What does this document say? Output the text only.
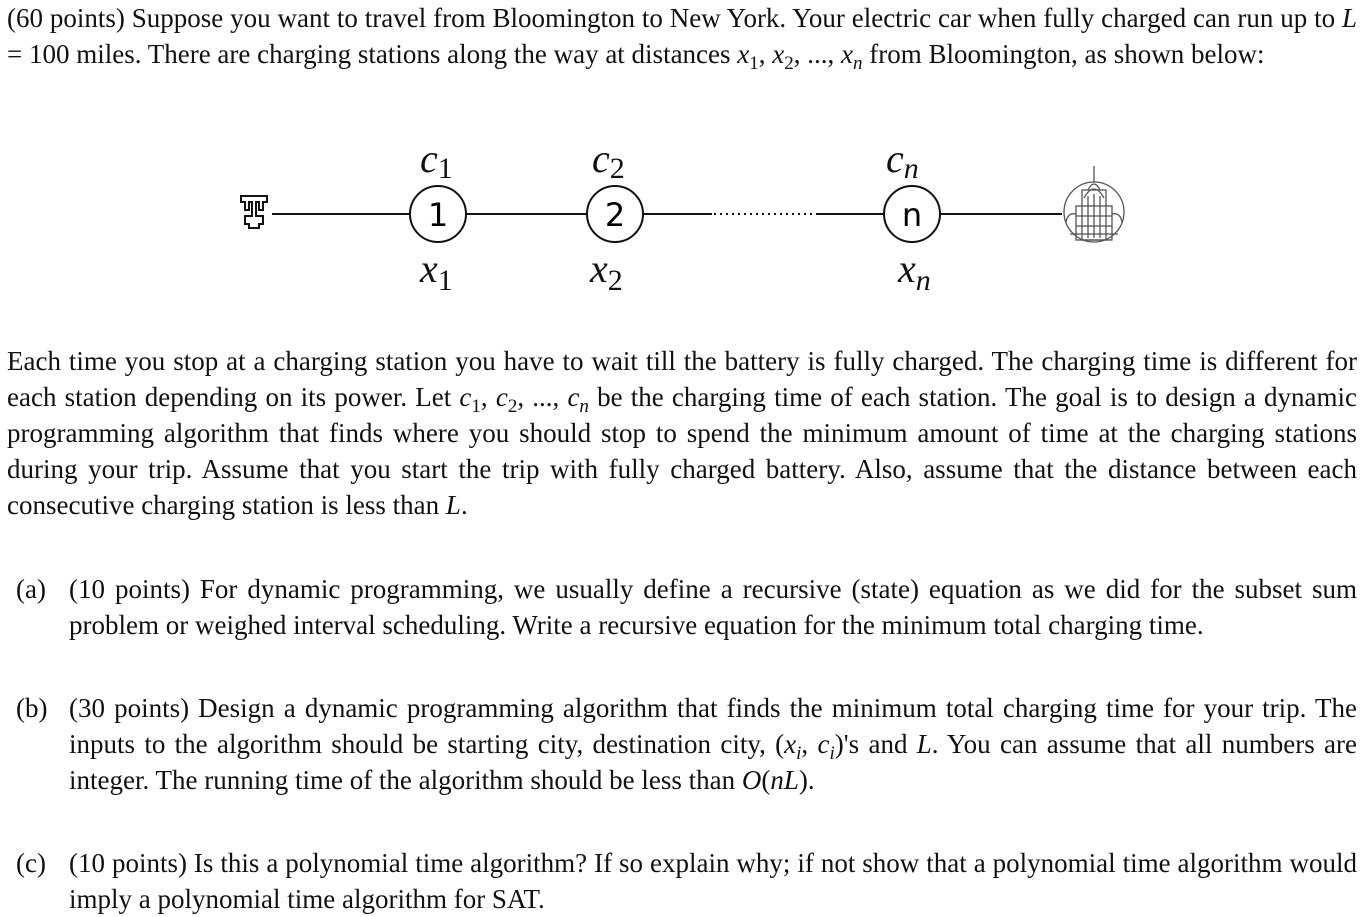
(60 points) Suppose you want to travel from Bloomington to New York. Your electric car when fully charged can run up to L = 100 miles. There are charging stations along the way at distances $x_1$, $x_2$, ..., $x_n$ from Bloomington, as shown below:
1	2	n
c1	c2	cn
$x_1$	$x_2$	$x_n$
Each time you stop at a charging station you have to wait till the battery is fully charged. The charging time is different for each station depending on its power. Let $c_1$, $c_2$, ..., $c_n$ be the charging time of each station. The goal is to design a dynamic programming algorithm that finds where you should stop to spend the minimum amount of time at the charging stations during your trip. Assume that you start the trip with fully charged battery. Also, assume that the distance between each consecutive charging station is less than L.
(a) (10 points) For dynamic programming, we usually define a recursive (state) equation as we did for the subset sum problem or weighed interval scheduling. Write a recursive equation for the minimum total charging time.
(b) (30 points) Design a dynamic programming algorithm that finds the minimum total charging time for your trip. The inputs to the algorithm should be starting city, destination city, ($x_i$, $c_i)'s$ and L. You can assume that all numbers are integer. The running time of the algorithm should be less than O(nL).
(c) (10 points) Is this a polynomial time algorithm? If so explain why; if not show that a polynomial time algorithm would imply a polynomial time algorithm for SAT.
